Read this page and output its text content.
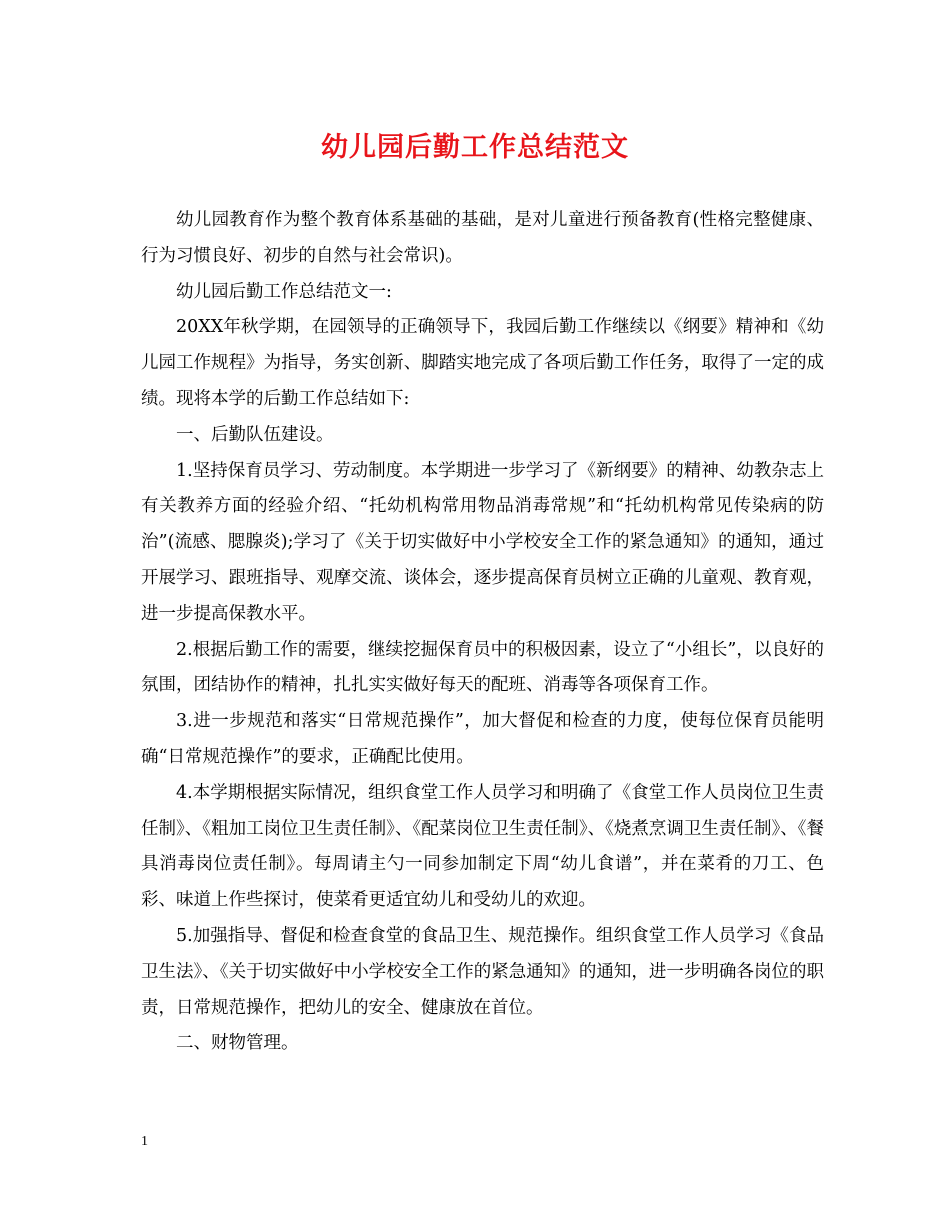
幼儿园后勤工作总结范文

幼儿园教育作为整个教育体系基础的基础，是对儿童进行预备教育(性格完整健康、行为习惯良好、初步的自然与社会常识)。

幼儿园后勤工作总结范文一:

20XX年秋学期，在园领导的正确领导下，我园后勤工作继续以《纲要》精神和《幼儿园工作规程》为指导，务实创新、脚踏实地完成了各项后勤工作任务，取得了一定的成绩。现将本学的后勤工作总结如下:

一、后勤队伍建设。

1.坚持保育员学习、劳动制度。本学期进一步学习了《新纲要》的精神、幼教杂志上有关教养方面的经验介绍、“托幼机构常用物品消毒常规”和“托幼机构常见传染病的防治”(流感、腮腺炎);学习了《关于切实做好中小学校安全工作的紧急通知》的通知，通过开展学习、跟班指导、观摩交流、谈体会，逐步提高保育员树立正确的儿童观、教育观，进一步提高保教水平。

2.根据后勤工作的需要，继续挖掘保育员中的积极因素，设立了“小组长”，以良好的氛围，团结协作的精神，扎扎实实做好每天的配班、消毒等各项保育工作。

3.进一步规范和落实“日常规范操作”，加大督促和检查的力度，使每位保育员能明确“日常规范操作”的要求，正确配比使用。

4.本学期根据实际情况，组织食堂工作人员学习和明确了《食堂工作人员岗位卫生责任制》、《粗加工岗位卫生责任制》、《配菜岗位卫生责任制》、《烧煮烹调卫生责任制》、《餐具消毒岗位责任制》。每周请主勺一同参加制定下周“幼儿食谱”，并在菜肴的刀工、色彩、味道上作些探讨，使菜肴更适宜幼儿和受幼儿的欢迎。

5.加强指导、督促和检查食堂的食品卫生、规范操作。组织食堂工作人员学习《食品卫生法》、《关于切实做好中小学校安全工作的紧急通知》的通知，进一步明确各岗位的职责，日常规范操作，把幼儿的安全、健康放在首位。

二、财物管理。

1
